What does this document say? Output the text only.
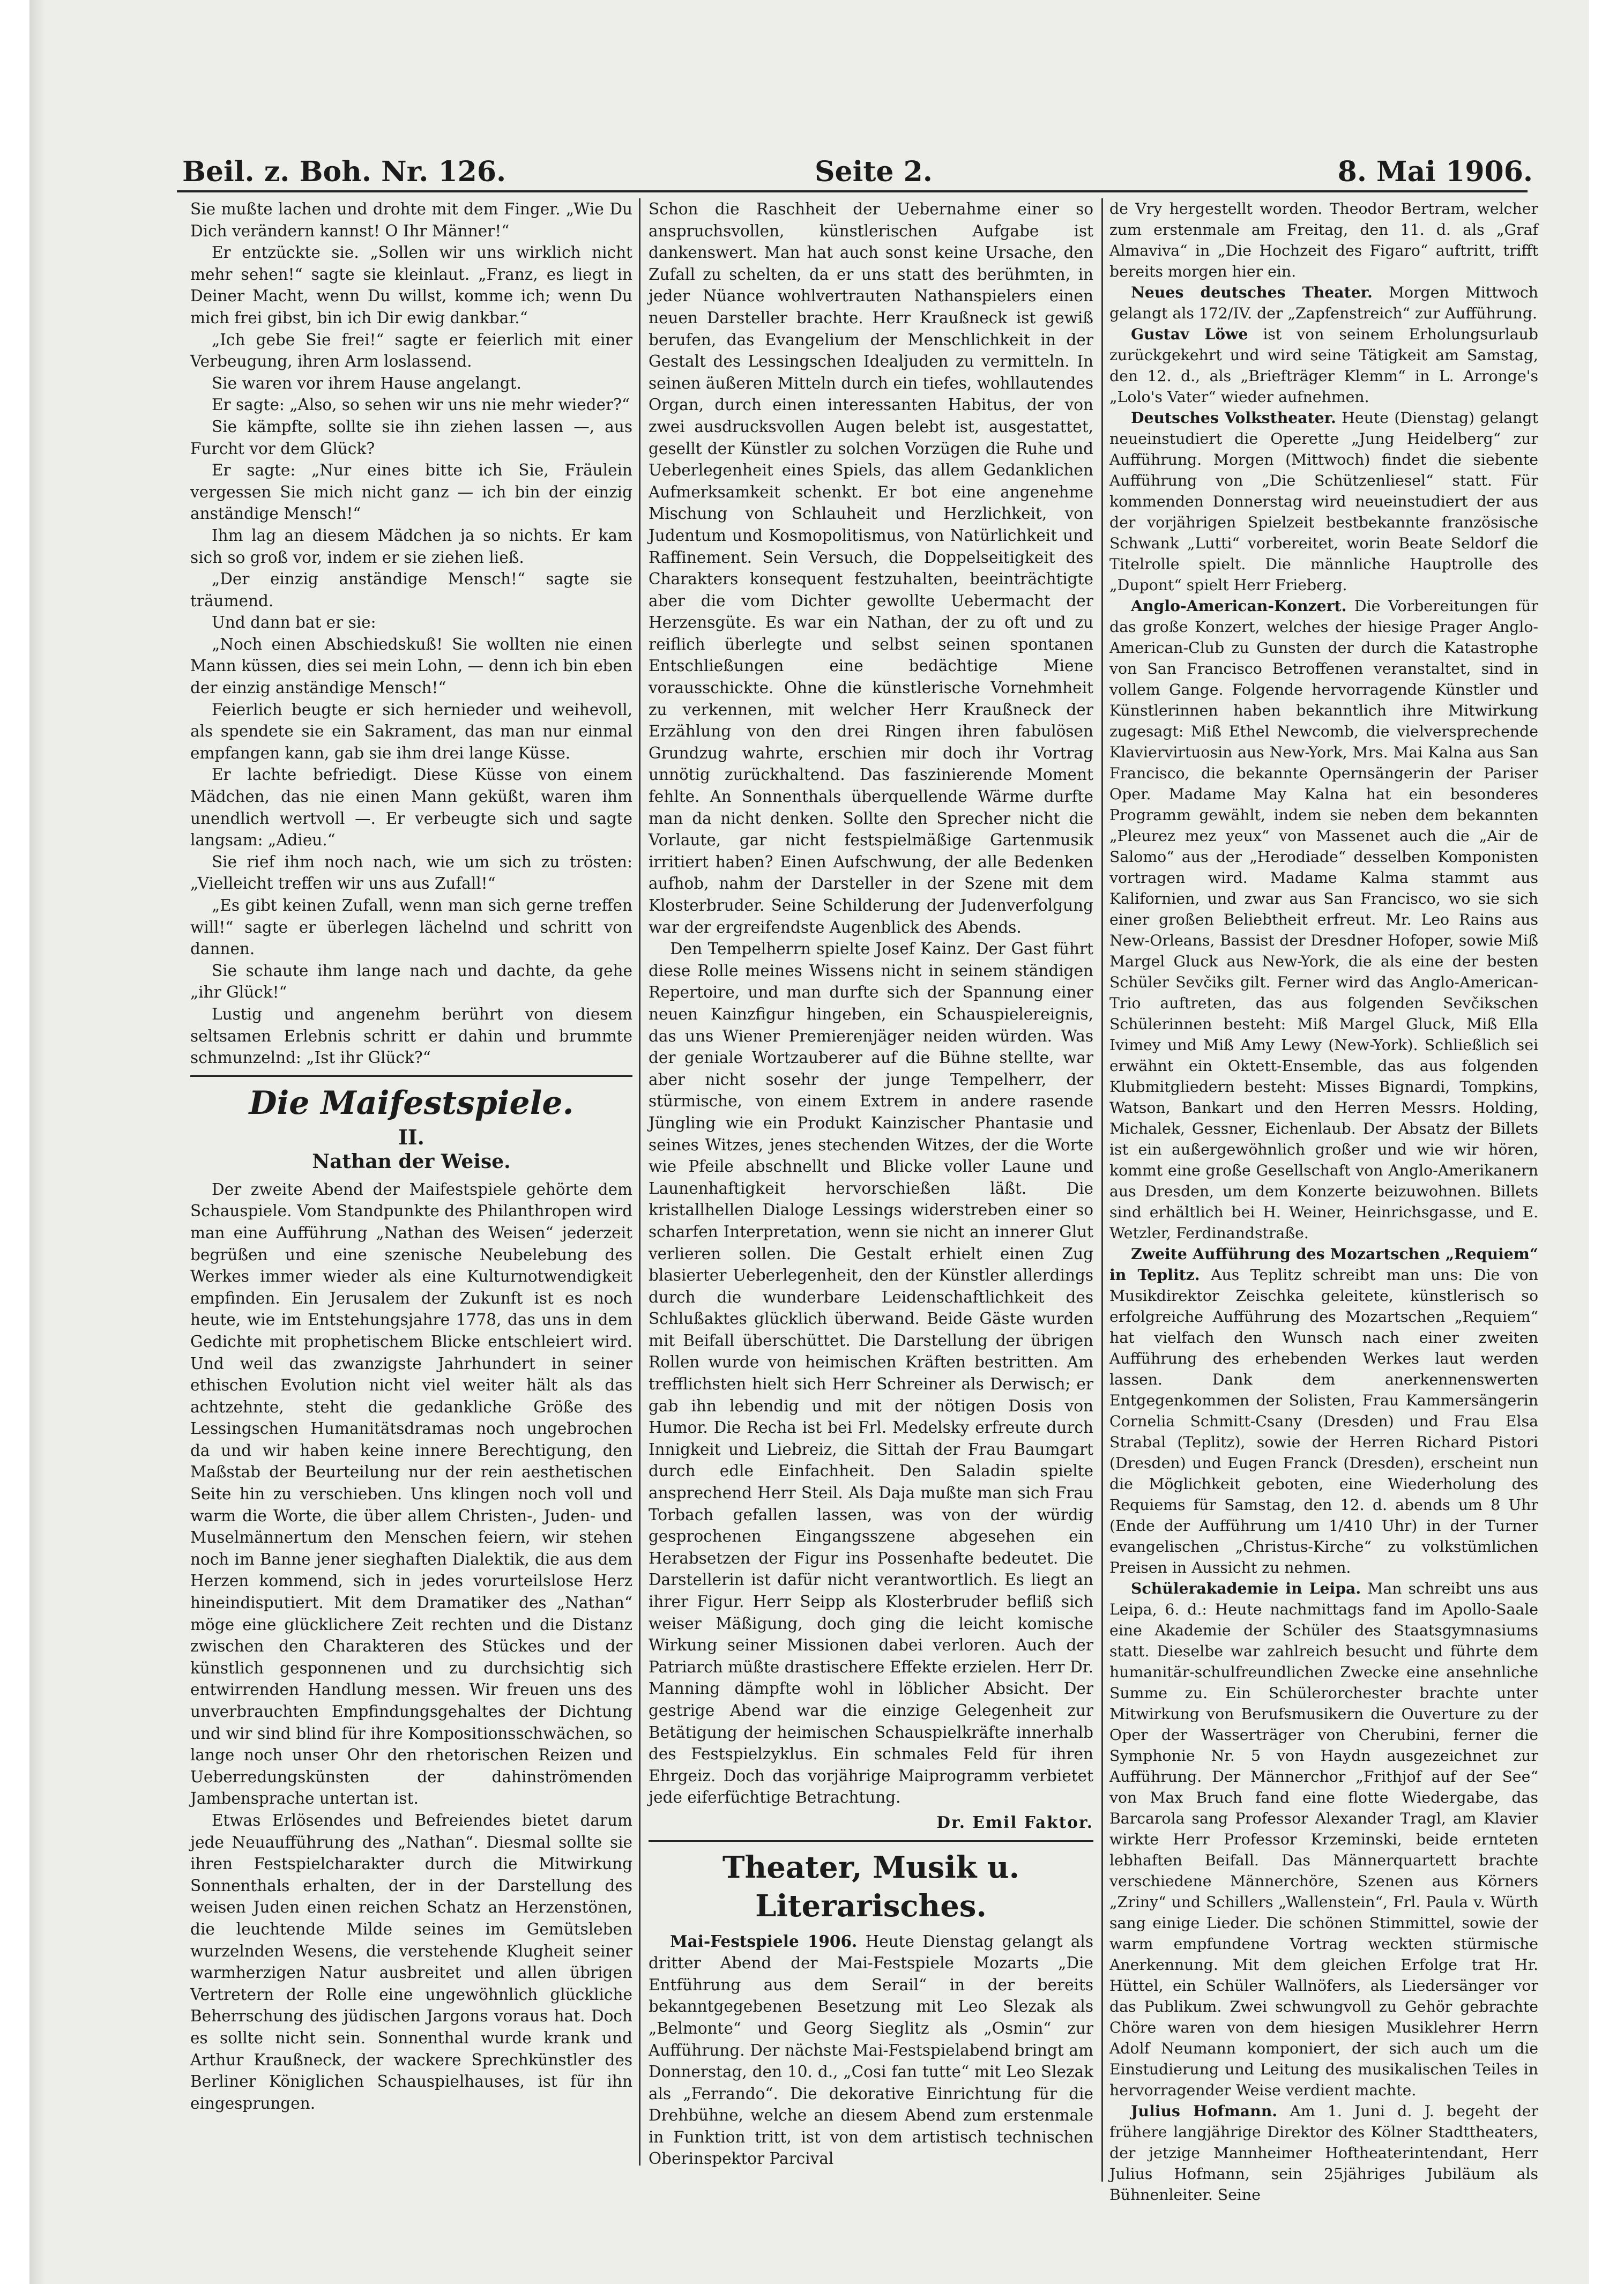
Beil. z. Boh. Nr. 126.	Seite 2.	8. Mai 1906.

Sie mußte lachen und drohte mit dem Finger. „Wie Du Dich verändern kannst! O Ihr Männer!“

Er entzückte sie. „Sollen wir uns wirklich nicht mehr sehen!“ sagte sie kleinlaut. „Franz, es liegt in Deiner Macht, wenn Du willst, komme ich; wenn Du mich frei gibst, bin ich Dir ewig dankbar.“

„Ich gebe Sie frei!“ sagte er feierlich mit einer Verbeugung, ihren Arm loslassend.

Sie waren vor ihrem Hause angelangt.

Er sagte: „Also, so sehen wir uns nie mehr wieder?“

Sie kämpfte, sollte sie ihn ziehen lassen —, aus Furcht vor dem Glück?

Er sagte: „Nur eines bitte ich Sie, Fräulein vergessen Sie mich nicht ganz — ich bin der einzig anständige Mensch!“

Ihm lag an diesem Mädchen ja so nichts. Er kam sich so groß vor, indem er sie ziehen ließ.

„Der einzig anständige Mensch!“ sagte sie träumend.

Und dann bat er sie:

„Noch einen Abschiedskuß! Sie wollten nie einen Mann küssen, dies sei mein Lohn, — denn ich bin eben der einzig anständige Mensch!“

Feierlich beugte er sich hernieder und weihevoll, als spendete sie ein Sakrament, das man nur einmal empfangen kann, gab sie ihm drei lange Küsse.

Er lachte befriedigt. Diese Küsse von einem Mädchen, das nie einen Mann geküßt, waren ihm unendlich wertvoll —. Er verbeugte sich und sagte langsam: „Adieu.“

Sie rief ihm noch nach, wie um sich zu trösten: „Vielleicht treffen wir uns aus Zufall!“

„Es gibt keinen Zufall, wenn man sich gerne treffen will!“ sagte er überlegen lächelnd und schritt von dannen.

Sie schaute ihm lange nach und dachte, da gehe „ihr Glück!“

Lustig und angenehm berührt von diesem seltsamen Erlebnis schritt er dahin und brummte schmunzelnd: „Ist ihr Glück?“

Die Maifestspiele.
II.
Nathan der Weise.

Der zweite Abend der Maifestspiele gehörte dem Schauspiele. Vom Standpunkte des Philanthropen wird man eine Aufführung „Nathan des Weisen“ jederzeit begrüßen und eine szenische Neubelebung des Werkes immer wieder als eine Kulturnotwendigkeit empfinden. Ein Jerusalem der Zukunft ist es noch heute, wie im Entstehungsjahre 1778, das uns in dem Gedichte mit prophetischem Blicke entschleiert wird. Und weil das zwanzigste Jahrhundert in seiner ethischen Evolution nicht viel weiter hält als das achtzehnte, steht die gedankliche Größe des Lessingschen Humanitätsdramas noch ungebrochen da und wir haben keine innere Berechtigung, den Maßstab der Beurteilung nur der rein aesthetischen Seite hin zu verschieben. Uns klingen noch voll und warm die Worte, die über allem Christen-, Juden- und Muselmännertum den Menschen feiern, wir stehen noch im Banne jener sieghaften Dialektik, die aus dem Herzen kommend, sich in jedes vorurteilslose Herz hineindisputiert. Mit dem Dramatiker des „Nathan“ möge eine glücklichere Zeit rechten und die Distanz zwischen den Charakteren des Stückes und der künstlich gesponnenen und zu durchsichtig sich entwirrenden Handlung messen. Wir freuen uns des unverbrauchten Empfindungsgehaltes der Dichtung und wir sind blind für ihre Kompositionsschwächen, so lange noch unser Ohr den rhetorischen Reizen und Ueberredungskünsten der dahinströmenden Jambensprache untertan ist.

Etwas Erlösendes und Befreiendes bietet darum jede Neuaufführung des „Nathan“. Diesmal sollte sie ihren Festspielcharakter durch die Mitwirkung Sonnenthals erhalten, der in der Darstellung des weisen Juden einen reichen Schatz an Herzenstönen, die leuchtende Milde seines im Gemütsleben wurzelnden Wesens, die verstehende Klugheit seiner warmherzigen Natur ausbreitet und allen übrigen Vertretern der Rolle eine ungewöhnlich glückliche Beherrschung des jüdischen Jargons voraus hat. Doch es sollte nicht sein. Sonnenthal wurde krank und Arthur Kraußneck, der wackere Sprechkünstler des Berliner Königlichen Schauspielhauses, ist für ihn eingesprungen.

Schon die Raschheit der Uebernahme einer so anspruchsvollen, künstlerischen Aufgabe ist dankenswert. Man hat auch sonst keine Ursache, den Zufall zu schelten, da er uns statt des berühmten, in jeder Nüance wohlvertrauten Nathanspielers einen neuen Darsteller brachte. Herr Kraußneck ist gewiß berufen, das Evangelium der Menschlichkeit in der Gestalt des Lessingschen Idealjuden zu vermitteln. In seinen äußeren Mitteln durch ein tiefes, wohllautendes Organ, durch einen interessanten Habitus, der von zwei ausdrucksvollen Augen belebt ist, ausgestattet, gesellt der Künstler zu solchen Vorzügen die Ruhe und Ueberlegenheit eines Spiels, das allem Gedanklichen Aufmerksamkeit schenkt. Er bot eine angenehme Mischung von Schlauheit und Herzlichkeit, von Judentum und Kosmopolitismus, von Natürlichkeit und Raffinement. Sein Versuch, die Doppelseitigkeit des Charakters konsequent festzuhalten, beeinträchtigte aber die vom Dichter gewollte Uebermacht der Herzensgüte. Es war ein Nathan, der zu oft und zu reiflich überlegte und selbst seinen spontanen Entschließungen eine bedächtige Miene vorausschickte. Ohne die künstlerische Vornehmheit zu verkennen, mit welcher Herr Kraußneck der Erzählung von den drei Ringen ihren fabulösen Grundzug wahrte, erschien mir doch ihr Vortrag unnötig zurückhaltend. Das faszinierende Moment fehlte. An Sonnenthals überquellende Wärme durfte man da nicht denken. Sollte den Sprecher nicht die Vorlaute, gar nicht festspielmäßige Gartenmusik irritiert haben? Einen Aufschwung, der alle Bedenken aufhob, nahm der Darsteller in der Szene mit dem Klosterbruder. Seine Schilderung der Judenverfolgung war der ergreifendste Augenblick des Abends.

Den Tempelherrn spielte Josef Kainz. Der Gast führt diese Rolle meines Wissens nicht in seinem ständigen Repertoire, und man durfte sich der Spannung einer neuen Kainzfigur hingeben, ein Schauspielereignis, das uns Wiener Premierenjäger neiden würden. Was der geniale Wortzauberer auf die Bühne stellte, war aber nicht sosehr der junge Tempelherr, der stürmische, von einem Extrem in andere rasende Jüngling wie ein Produkt Kainzischer Phantasie und seines Witzes, jenes stechenden Witzes, der die Worte wie Pfeile abschnellt und Blicke voller Laune und Launenhaftigkeit hervorschießen läßt. Die kristallhellen Dialoge Lessings widerstreben einer so scharfen Interpretation, wenn sie nicht an innerer Glut verlieren sollen. Die Gestalt erhielt einen Zug blasierter Ueberlegenheit, den der Künstler allerdings durch die wunderbare Leidenschaftlichkeit des Schlußaktes glücklich überwand. Beide Gäste wurden mit Beifall überschüttet. Die Darstellung der übrigen Rollen wurde von heimischen Kräften bestritten. Am trefflichsten hielt sich Herr Schreiner als Derwisch; er gab ihn lebendig und mit der nötigen Dosis von Humor. Die Recha ist bei Frl. Medelsky erfreute durch Innigkeit und Liebreiz, die Sittah der Frau Baumgart durch edle Einfachheit. Den Saladin spielte ansprechend Herr Steil. Als Daja mußte man sich Frau Torbach gefallen lassen, was von der würdig gesprochenen Eingangsszene abgesehen ein Herabsetzen der Figur ins Possenhafte bedeutet. Die Darstellerin ist dafür nicht verantwortlich. Es liegt an ihrer Figur. Herr Seipp als Klosterbruder befliß sich weiser Mäßigung, doch ging die leicht komische Wirkung seiner Missionen dabei verloren. Auch der Patriarch müßte drastischere Effekte erzielen. Herr Dr. Manning dämpfte wohl in löblicher Absicht. Der gestrige Abend war die einzige Gelegenheit zur Betätigung der heimischen Schauspielkräfte innerhalb des Festspielzyklus. Ein schmales Feld für ihren Ehrgeiz. Doch das vorjährige Maiprogramm verbietet jede eiferfüchtige Betrachtung.

Dr. Emil Faktor.
Theater, Musik u. Literarisches.

Mai-Festspiele 1906. Heute Dienstag gelangt als dritter Abend der Mai-Festspiele Mozarts „Die Entführung aus dem Serail“ in der bereits bekanntgegebenen Besetzung mit Leo Slezak als „Belmonte“ und Georg Sieglitz als „Osmin“ zur Aufführung. Der nächste Mai-Festspielabend bringt am Donnerstag, den 10. d., „Cosi fan tutte“ mit Leo Slezak als „Ferrando“. Die dekorative Einrichtung für die Drehbühne, welche an diesem Abend zum erstenmale in Funktion tritt, ist von dem artistisch technischen Oberinspektor Parcival

de Vry hergestellt worden. Theodor Bertram, welcher zum erstenmale am Freitag, den 11. d. als „Graf Almaviva“ in „Die Hochzeit des Figaro“ auftritt, trifft bereits morgen hier ein.

Neues deutsches Theater. Morgen Mittwoch gelangt als 172/IV. der „Zapfenstreich“ zur Aufführung.

Gustav Löwe ist von seinem Erholungsurlaub zurückgekehrt und wird seine Tätigkeit am Samstag, den 12. d., als „Briefträger Klemm“ in L. Arronge's „Lolo's Vater“ wieder aufnehmen.

Deutsches Volkstheater. Heute (Dienstag) gelangt neueinstudiert die Operette „Jung Heidelberg“ zur Aufführung. Morgen (Mittwoch) findet die siebente Aufführung von „Die Schützenliesel“ statt. Für kommenden Donnerstag wird neueinstudiert der aus der vorjährigen Spielzeit bestbekannte französische Schwank „Lutti“ vorbereitet, worin Beate Seldorf die Titelrolle spielt. Die männliche Hauptrolle des „Dupont“ spielt Herr Frieberg.

Anglo-American-Konzert. Die Vorbereitungen für das große Konzert, welches der hiesige Prager Anglo-American-Club zu Gunsten der durch die Katastrophe von San Francisco Betroffenen veranstaltet, sind in vollem Gange. Folgende hervorragende Künstler und Künstlerinnen haben bekanntlich ihre Mitwirkung zugesagt: Miß Ethel Newcomb, die vielversprechende Klaviervirtuosin aus New-York, Mrs. Mai Kalna aus San Francisco, die bekannte Opernsängerin der Pariser Oper. Madame May Kalna hat ein besonderes Programm gewählt, indem sie neben dem bekannten „Pleurez mez yeux“ von Massenet auch die „Air de Salomo“ aus der „Herodiade“ desselben Komponisten vortragen wird. Madame Kalma stammt aus Kalifornien, und zwar aus San Francisco, wo sie sich einer großen Beliebtheit erfreut. Mr. Leo Rains aus New-Orleans, Bassist der Dresdner Hofoper, sowie Miß Margel Gluck aus New-York, die als eine der besten Schüler Sevčiks gilt. Ferner wird das Anglo-American-Trio auftreten, das aus folgenden Sevčikschen Schülerinnen besteht: Miß Margel Gluck, Miß Ella Ivimey und Miß Amy Lewy (New-York). Schließlich sei erwähnt ein Oktett-Ensemble, das aus folgenden Klubmitgliedern besteht: Misses Bignardi, Tompkins, Watson, Bankart und den Herren Messrs. Holding, Michalek, Gessner, Eichenlaub. Der Absatz der Billets ist ein außergewöhnlich großer und wie wir hören, kommt eine große Gesellschaft von Anglo-Amerikanern aus Dresden, um dem Konzerte beizuwohnen. Billets sind erhältlich bei H. Weiner, Heinrichsgasse, und E. Wetzler, Ferdinandstraße.

Zweite Aufführung des Mozartschen „Requiem“ in Teplitz. Aus Teplitz schreibt man uns: Die von Musikdirektor Zeischka geleitete, künstlerisch so erfolgreiche Aufführung des Mozartschen „Requiem“ hat vielfach den Wunsch nach einer zweiten Aufführung des erhebenden Werkes laut werden lassen. Dank dem anerkennenswerten Entgegenkommen der Solisten, Frau Kammersängerin Cornelia Schmitt-Csany (Dresden) und Frau Elsa Strabal (Teplitz), sowie der Herren Richard Pistori (Dresden) und Eugen Franck (Dresden), erscheint nun die Möglichkeit geboten, eine Wiederholung des Requiems für Samstag, den 12. d. abends um 8 Uhr (Ende der Aufführung um 1/410 Uhr) in der Turner evangelischen „Christus-Kirche“ zu volkstümlichen Preisen in Aussicht zu nehmen.

Schülerakademie in Leipa. Man schreibt uns aus Leipa, 6. d.: Heute nachmittags fand im Apollo-Saale eine Akademie der Schüler des Staatsgymnasiums statt. Dieselbe war zahlreich besucht und führte dem humanitär-schulfreundlichen Zwecke eine ansehnliche Summe zu. Ein Schülerorchester brachte unter Mitwirkung von Berufsmusikern die Ouverture zu der Oper der Wasserträger von Cherubini, ferner die Symphonie Nr. 5 von Haydn ausgezeichnet zur Aufführung. Der Männerchor „Frithjof auf der See“ von Max Bruch fand eine flotte Wiedergabe, das Barcarola sang Professor Alexander Tragl, am Klavier wirkte Herr Professor Krzeminski, beide ernteten lebhaften Beifall. Das Männerquartett brachte verschiedene Männerchöre, Szenen aus Körners „Zriny“ und Schillers „Wallenstein“, Frl. Paula v. Würth sang einige Lieder. Die schönen Stimmittel, sowie der warm empfundene Vortrag weckten stürmische Anerkennung. Mit dem gleichen Erfolge trat Hr. Hüttel, ein Schüler Wallnöfers, als Liedersänger vor das Publikum. Zwei schwungvoll zu Gehör gebrachte Chöre waren von dem hiesigen Musiklehrer Herrn Adolf Neumann komponiert, der sich auch um die Einstudierung und Leitung des musikalischen Teiles in hervorragender Weise verdient machte.

Julius Hofmann. Am 1. Juni d. J. begeht der frühere langjährige Direktor des Kölner Stadttheaters, der jetzige Mannheimer Hoftheaterintendant, Herr Julius Hofmann, sein 25jähriges Jubiläum als Bühnenleiter. Seine
